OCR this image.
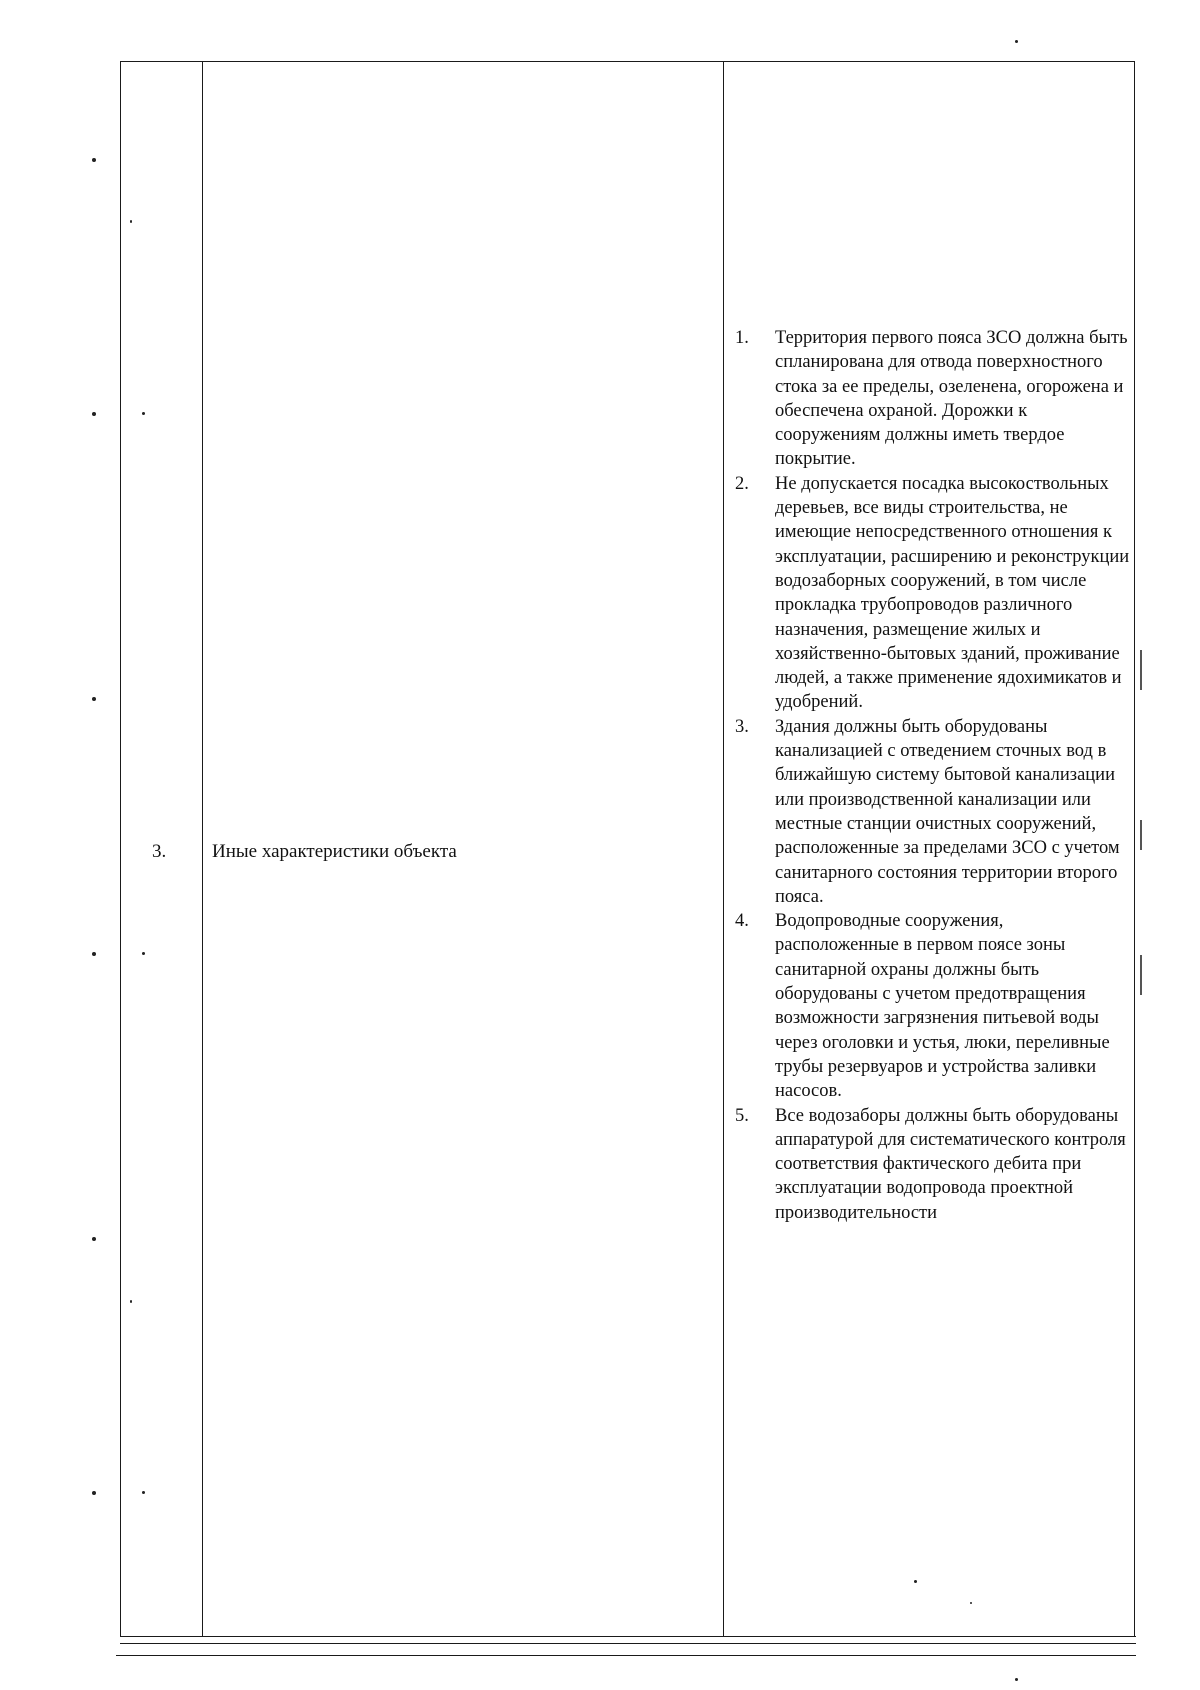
3. Иные характеристики объекта
1. Территория первого пояса ЗСО должна быть спланирована для отвода поверхностного стока за ее пределы, озеленена, огорожена и обеспечена охраной. Дорожки к сооружениям должны иметь твердое покрытие.
2. Не допускается посадка высокоствольных деревьев, все виды строительства, не имеющие непосредственного отношения к эксплуатации, расширению и реконструкции водозаборных сооружений, в том числе прокладка трубопроводов различного назначения, размещение жилых и хозяйственно-бытовых зданий, проживание людей, а также применение ядохимикатов и удобрений.
3. Здания должны быть оборудованы канализацией с отведением сточных вод в ближайшую систему бытовой канализации или производственной канализации или местные станции очистных сооружений, расположенные за пределами ЗСО с учетом санитарного состояния территории второго пояса.
4. Водопроводные сооружения, расположенные в первом поясе зоны санитарной охраны должны быть оборудованы с учетом предотвращения возможности загрязнения питьевой воды через оголовки и устья, люки, переливные трубы резервуаров и устройства заливки насосов.
5. Все водозаборы должны быть оборудованы аппаратурой для систематического контроля соответствия фактического дебита при эксплуатации водопровода проектной производительности
